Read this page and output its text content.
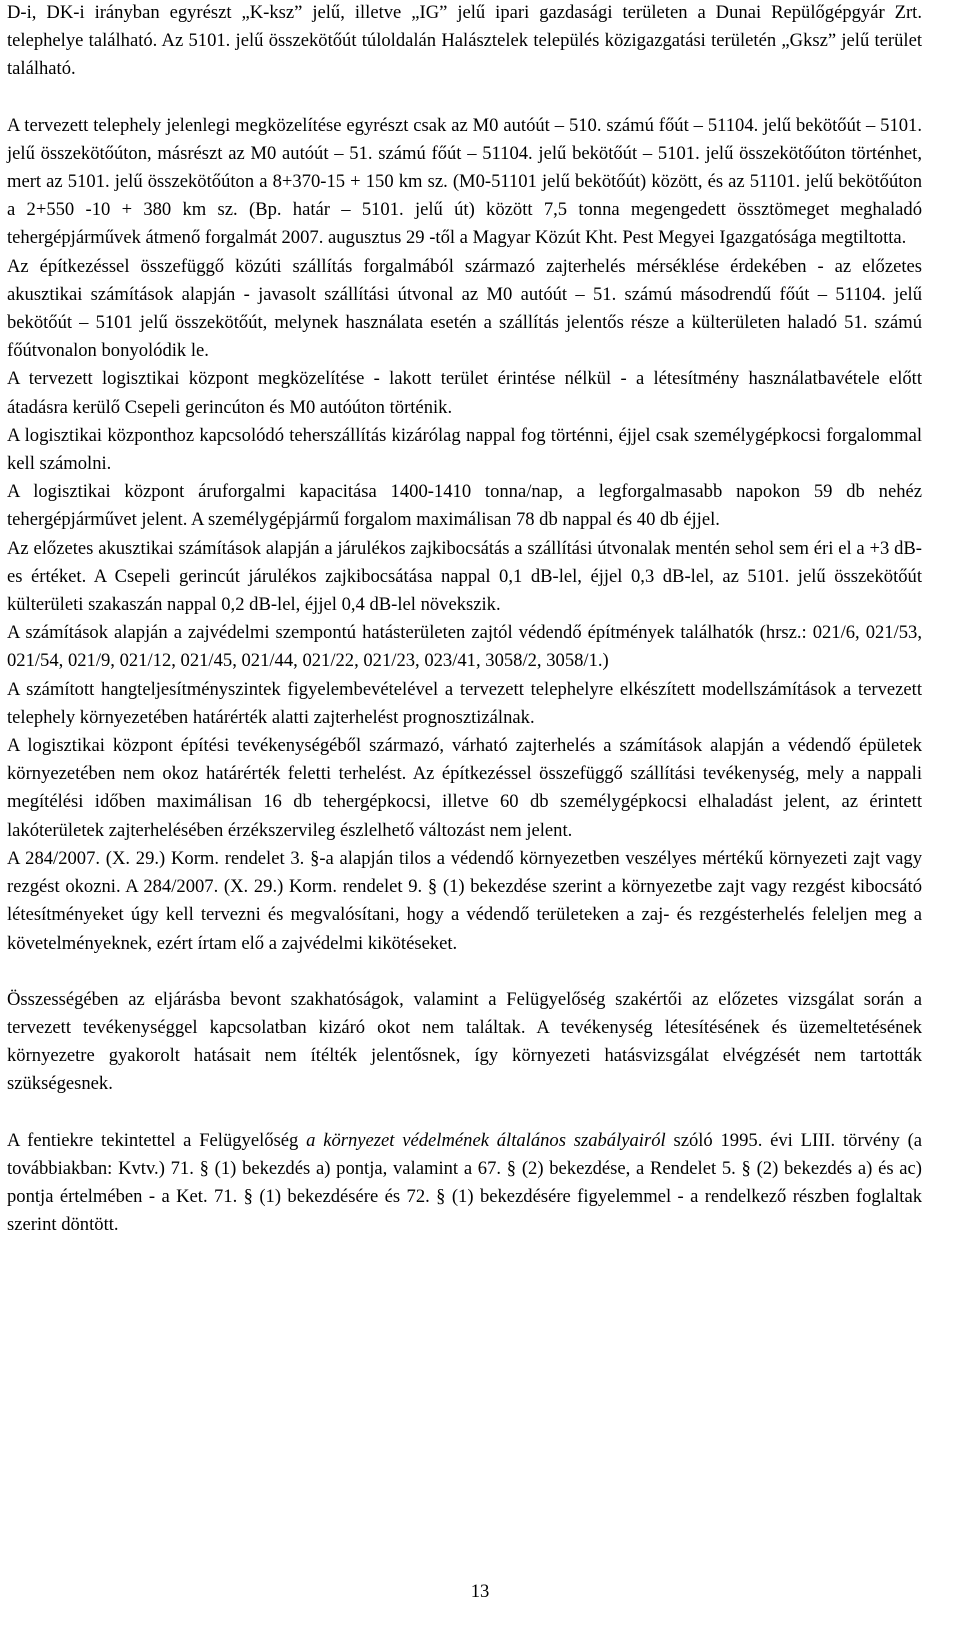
D-i, DK-i irányban egyrészt „K-ksz” jelű, illetve „IG” jelű ipari gazdasági területen a Dunai Repülőgépgyár Zrt. telephelye található. Az 5101. jelű összekötőút túloldalán Halásztelek település közigazgatási területén „Gksz” jelű terület található.

A tervezett telephely jelenlegi megközelítése egyrészt csak az M0 autóút – 510. számú főút – 51104. jelű bekötőút – 5101. jelű összekötőúton, másrészt az M0 autóút – 51. számú főút – 51104. jelű bekötőút – 5101. jelű összekötőúton történhet, mert az 5101. jelű összekötőúton a 8+370-15 + 150 km sz. (M0-51101 jelű bekötőút) között, és az 51101. jelű bekötőúton a 2+550 -10 + 380 km sz. (Bp. határ – 5101. jelű út) között 7,5 tonna megengedett össztömeget meghaladó tehergépjárművek átmenő forgalmát 2007. augusztus 29 -től a Magyar Közút Kht. Pest Megyei Igazgatósága megtiltotta.

Az építkezéssel összefüggő közúti szállítás forgalmából származó zajterhelés mérséklése érdekében - az előzetes akusztikai számítások alapján - javasolt szállítási útvonal az M0 autóút – 51. számú másodrendű főút – 51104. jelű bekötőút – 5101 jelű összekötőút, melynek használata esetén a szállítás jelentős része a külterületen haladó 51. számú főútvonalon bonyolódik le.

A tervezett logisztikai központ megközelítése - lakott terület érintése nélkül - a létesítmény használatbavétele előtt átadásra kerülő Csepeli gerincúton és M0 autóúton történik.

A logisztikai központhoz kapcsolódó teherszállítás kizárólag nappal fog történni, éjjel csak személygépkocsi forgalommal kell számolni.

A logisztikai központ áruforgalmi kapacitása 1400-1410 tonna/nap, a legforgalmasabb napokon 59 db nehéz tehergépjárművet jelent. A személygépjármű forgalom maximálisan 78 db nappal és 40 db éjjel.

Az előzetes akusztikai számítások alapján a járulékos zajkibocsátás a szállítási útvonalak mentén sehol sem éri el a +3 dB-es értéket. A Csepeli gerincút járulékos zajkibocsátása nappal 0,1 dB-lel, éjjel 0,3 dB-lel, az 5101. jelű összekötőút külterületi szakaszán nappal 0,2 dB-lel, éjjel 0,4 dB-lel növekszik.

A számítások alapján a zajvédelmi szempontú hatásterületen zajtól védendő építmények találhatók (hrsz.: 021/6, 021/53, 021/54, 021/9, 021/12, 021/45, 021/44, 021/22, 021/23, 023/41, 3058/2, 3058/1.)

A számított hangteljesítményszintek figyelembevételével a tervezett telephelyre elkészített modellszámítások a tervezett telephely környezetében határérték alatti zajterhelést prognosztizálnak.

A logisztikai központ építési tevékenységéből származó, várható zajterhelés a számítások alapján a védendő épületek környezetében nem okoz határérték feletti terhelést. Az építkezéssel összefüggő szállítási tevékenység, mely a nappali megítélési időben maximálisan 16 db tehergépkocsi, illetve 60 db személygépkocsi elhaladást jelent, az érintett lakóterületek zajterhelésében érzékszervileg észlelhető változást nem jelent.

A 284/2007. (X. 29.) Korm. rendelet 3. §-a alapján tilos a védendő környezetben veszélyes mértékű környezeti zajt vagy rezgést okozni. A 284/2007. (X. 29.) Korm. rendelet 9. § (1) bekezdése szerint a környezetbe zajt vagy rezgést kibocsátó létesítményeket úgy kell tervezni és megvalósítani, hogy a védendő területeken a zaj- és rezgésterhelés feleljen meg a követelményeknek, ezért írtam elő a zajvédelmi kikötéseket.

Összességében az eljárásba bevont szakhatóságok, valamint a Felügyelőség szakértői az előzetes vizsgálat során a tervezett tevékenységgel kapcsolatban kizáró okot nem találtak. A tevékenység létesítésének és üzemeltetésének környezetre gyakorolt hatásait nem ítélték jelentősnek, így környezeti hatásvizsgálat elvégzését nem tartották szükségesnek.

A fentiekre tekintettel a Felügyelőség a környezet védelmének általános szabályairól szóló 1995. évi LIII. törvény (a továbbiakban: Kvtv.) 71. § (1) bekezdés a) pontja, valamint a 67. § (2) bekezdése, a Rendelet 5. § (2) bekezdés a) és ac) pontja értelmében - a Ket. 71. § (1) bekezdésére és 72. § (1) bekezdésére figyelemmel - a rendelkező részben foglaltak szerint döntött.

13
